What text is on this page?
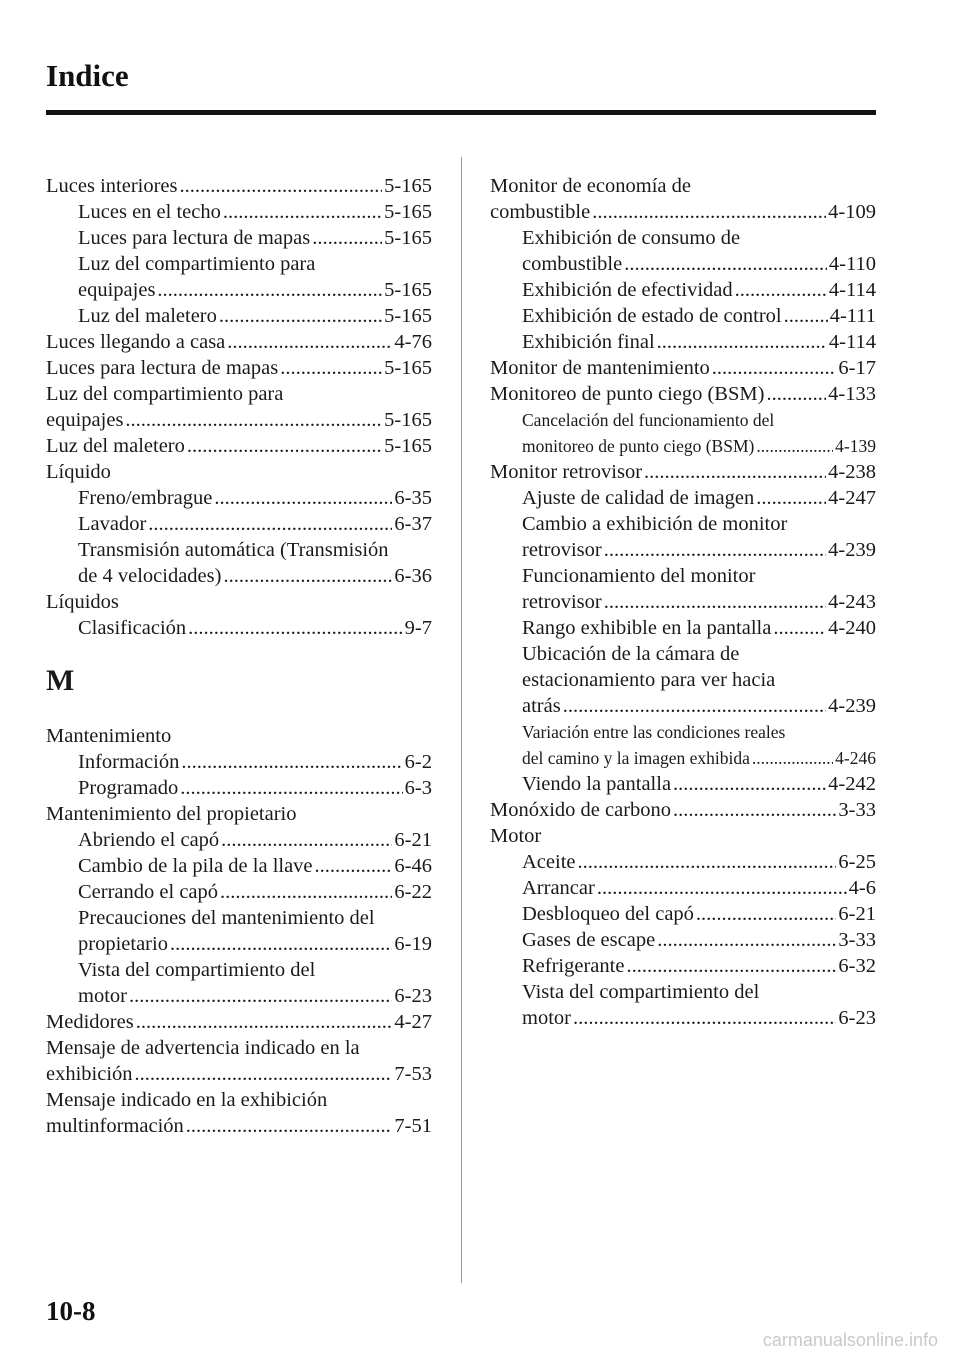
Indice
Luces interiores .....	5-165
Luces en el techo .....	5-165
Luces para lectura de mapas .....	5-165
Luz del compartimiento para
equipajes .....	5-165
Luz del maletero .....	5-165
Luces llegando a casa .....	4-76
Luces para lectura de mapas .....	5-165
Luz del compartimiento para
equipajes .....	5-165
Luz del maletero .....	5-165
Líquido
Freno/embrague .....	6-35
Lavador .....	6-37
Transmisión automática (Transmisión
de 4 velocidades) .....	6-36
Líquidos
Clasificación .....	9-7
M
Mantenimiento
Información .....	6-2
Programado .....	6-3
Mantenimiento del propietario
Abriendo el capó .....	6-21
Cambio de la pila de la llave .....	6-46
Cerrando el capó .....	6-22
Precauciones del mantenimiento del
propietario .....	6-19
Vista del compartimiento del
motor .....	6-23
Medidores .....	4-27
Mensaje de advertencia indicado en la
exhibición .....	7-53
Mensaje indicado en la exhibición
multinformación .....	7-51
Monitor de economía de
combustible .....	4-109
Exhibición de consumo de
combustible .....	4-110
Exhibición de efectividad .....	4-114
Exhibición de estado de control ..... 4-111
Exhibición final .....	4-114
Monitor de mantenimiento .....	6-17
Monitoreo de punto ciego (BSM) .....	4-133
Cancelación del funcionamiento del
monitoreo de punto ciego (BSM) .....	4-139
Monitor retrovisor .....	4-238
Ajuste de calidad de imagen .....	4-247
Cambio a exhibición de monitor
retrovisor .....	4-239
Funcionamiento del monitor
retrovisor .....	4-243
Rango exhibible en la pantalla .....	4-240
Ubicación de la cámara de
estacionamiento para ver hacia
atrás .....	4-239
Variación entre las condiciones reales
del camino y la imagen exhibida .....	4-246
Viendo la pantalla .....	4-242
Monóxido de carbono .....	3-33
Motor
Aceite .....	6-25
Arrancar .....	4-6
Desbloqueo del capó .....	6-21
Gases de escape .....	3-33
Refrigerante .....	6-32
Vista del compartimiento del
motor .....	6-23
10-8
carmanualsonline.info
